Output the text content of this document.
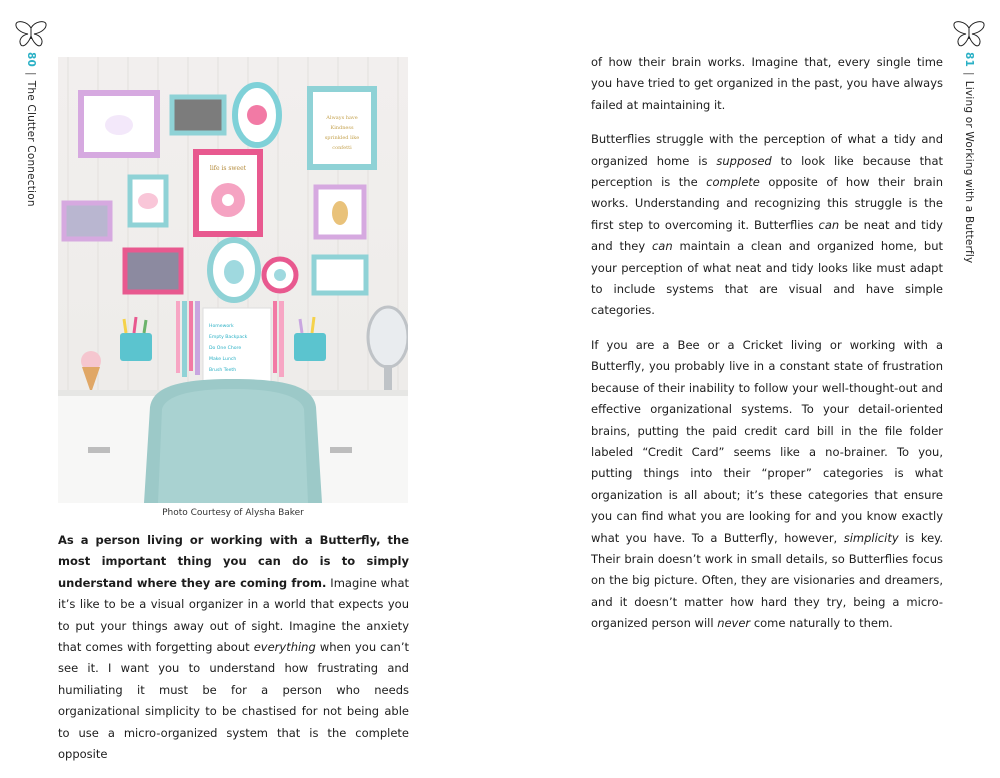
80|The Clutter Connection	Always have
Kindness
sprinkled like
confetti
life is sweet
Homework
Empty Backpack
Do One Chore
Make Lunch
Brush Teeth
Photo Courtesy of Alysha Baker

As a person living or working with a Butterfly, the most important thing you can do is to simply understand where they are coming from. Imagine what it’s like to be a visual organizer in a world that expects you to put your things away out of sight. Imagine the anxiety that comes with forgetting about everything when you can’t see it. I want you to understand how frustrating and humiliating it must be for a person who needs organizational simplicity to be chastised for not being able to use a micro-organized system that is the complete opposite

81|Living or Working with a Butterfly

of how their brain works. Imagine that, every single time you have tried to get organized in the past, you have always failed at maintaining it.

Butterflies struggle with the perception of what a tidy and organized home is supposed to look like because that perception is the complete opposite of how their brain works. Understanding and recognizing this struggle is the first step to overcoming it. Butterflies can be neat and tidy and they can maintain a clean and organized home, but your perception of what neat and tidy looks like must adapt to include systems that are visual and have simple categories.

If you are a Bee or a Cricket living or working with a Butterfly, you probably live in a constant state of frustration because of their inability to follow your well-thought-out and effective organizational systems. To your detail-oriented brains, putting the paid credit card bill in the file folder labeled “Credit Card” seems like a no-brainer. To you, putting things into their “proper” categories is what organization is all about; it’s these categories that ensure you can find what you are looking for and you know exactly what you have. To a Butterfly, however, simplicity is key. Their brain doesn’t work in small details, so Butterflies focus on the big picture. Often, they are visionaries and dreamers, and it doesn’t matter how hard they try, being a micro-organized person will never come naturally to them.
